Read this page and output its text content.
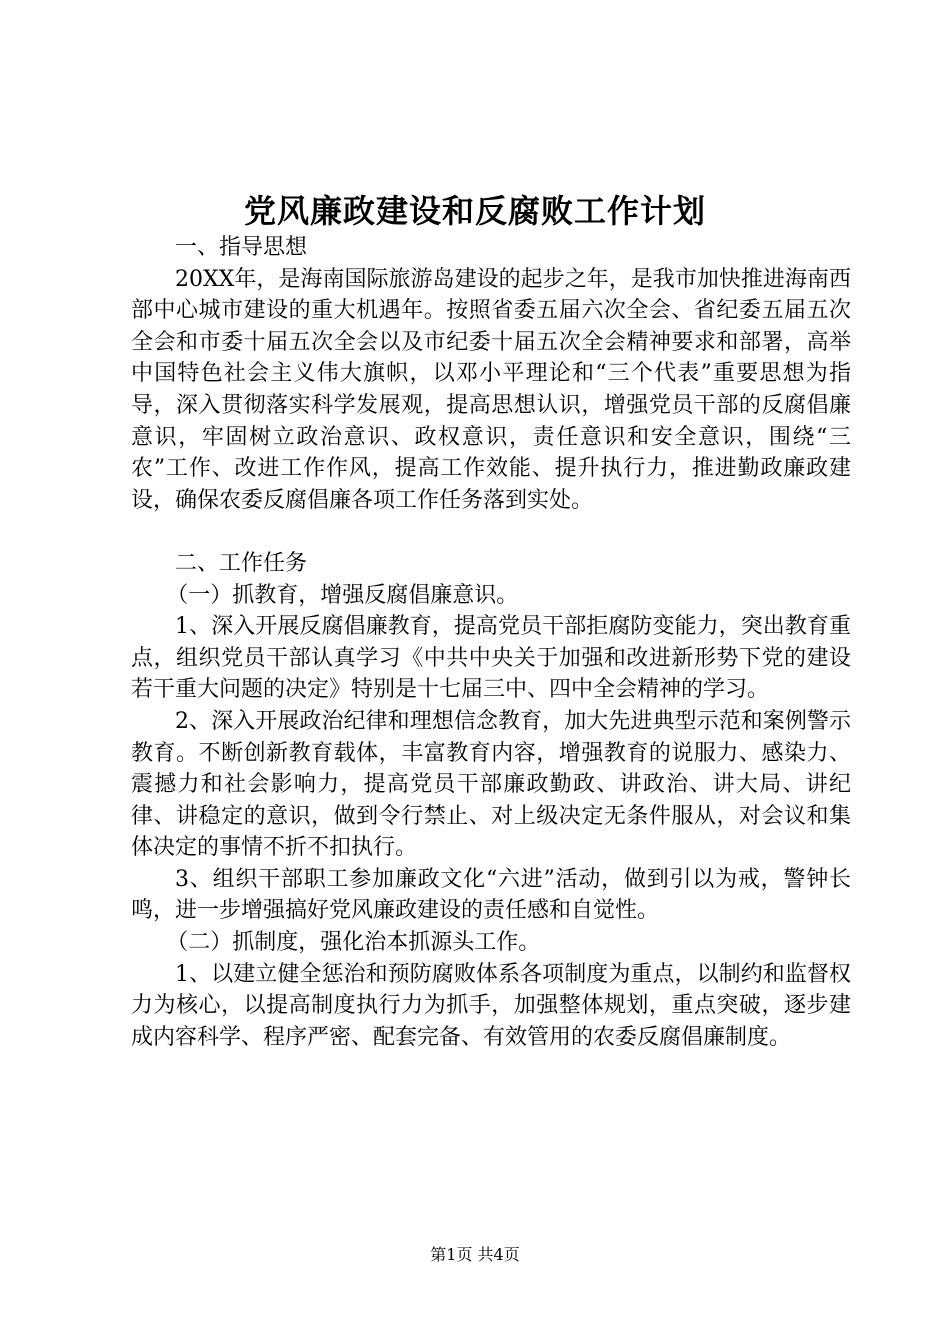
党风廉政建设和反腐败工作计划

一、指导思想

20XX年，是海南国际旅游岛建设的起步之年，是我市加快推进海南西部中心城市建设的重大机遇年。按照省委五届六次全会、省纪委五届五次全会和市委十届五次全会以及市纪委十届五次全会精神要求和部署，高举中国特色社会主义伟大旗帜，以邓小平理论和“三个代表”重要思想为指导，深入贯彻落实科学发展观，提高思想认识，增强党员干部的反腐倡廉意识，牢固树立政治意识、政权意识，责任意识和安全意识，围绕“三农”工作、改进工作作风，提高工作效能、提升执行力，推进勤政廉政建设，确保农委反腐倡廉各项工作任务落到实处。

二、工作任务

（一）抓教育，增强反腐倡廉意识。

1、深入开展反腐倡廉教育，提高党员干部拒腐防变能力，突出教育重点，组织党员干部认真学习《中共中央关于加强和改进新形势下党的建设若干重大问题的决定》特别是十七届三中、四中全会精神的学习。

2、深入开展政治纪律和理想信念教育，加大先进典型示范和案例警示教育。不断创新教育载体，丰富教育内容，增强教育的说服力、感染力、震撼力和社会影响力，提高党员干部廉政勤政、讲政治、讲大局、讲纪律、讲稳定的意识，做到令行禁止、对上级决定无条件服从，对会议和集体决定的事情不折不扣执行。

3、组织干部职工参加廉政文化“六进”活动，做到引以为戒，警钟长鸣，进一步增强搞好党风廉政建设的责任感和自觉性。

（二）抓制度，强化治本抓源头工作。

1、以建立健全惩治和预防腐败体系各项制度为重点，以制约和监督权力为核心，以提高制度执行力为抓手，加强整体规划，重点突破，逐步建成内容科学、程序严密、配套完备、有效管用的农委反腐倡廉制度。

第1页 共4页
